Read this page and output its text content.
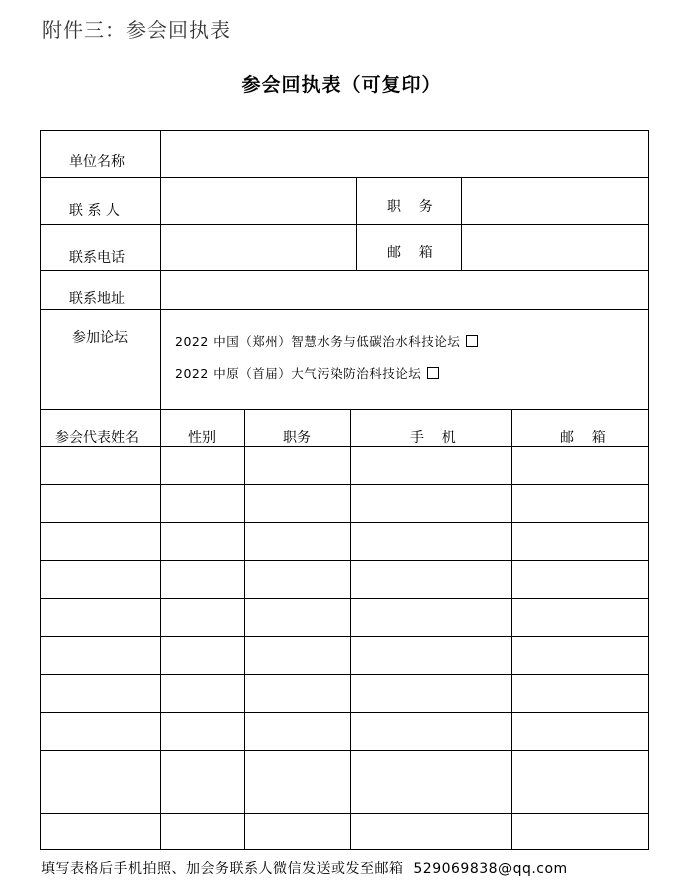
附件三：参会回执表
参会回执表（可复印）
单位名称
联 系 人	职    务
联系电话	邮    箱
联系地址
参加论坛	2022 中国（郑州）智慧水务与低碳治水科技论坛
2022 中原（首届）大气污染防治科技论坛
参会代表姓名	性别	职务	手    机	邮    箱
填写表格后手机拍照、加会务联系人微信发送或发至邮箱  529069838@qq.com
